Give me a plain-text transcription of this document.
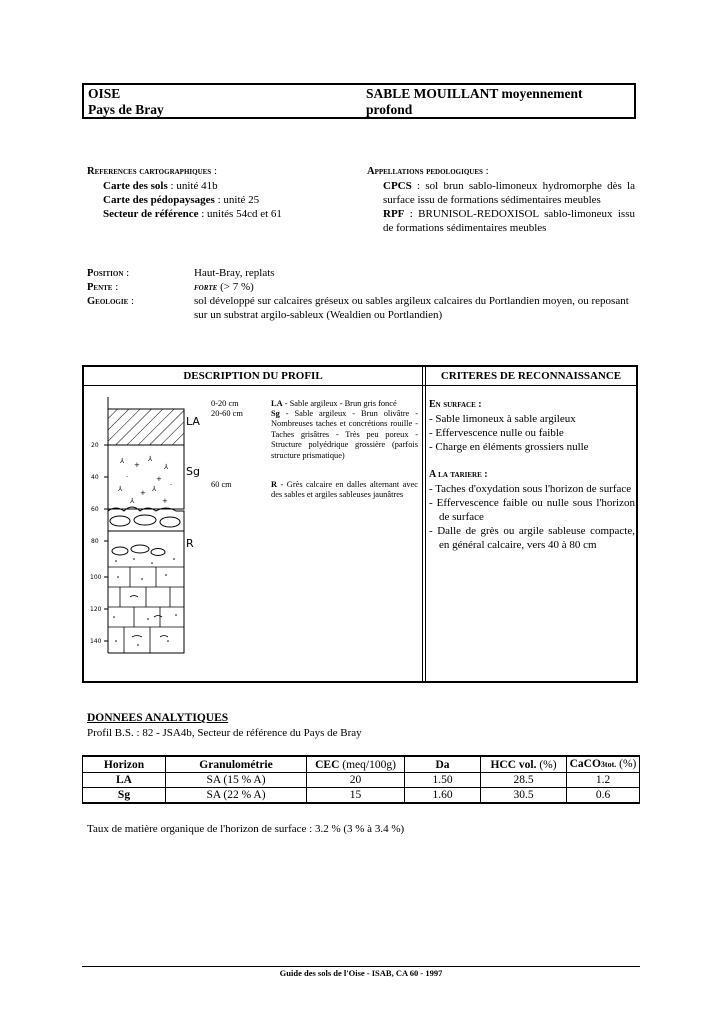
OISE
Pays de Bray
SABLE MOUILLANT moyennement
profond
References cartographiques :
Carte des sols : unité 41b
Carte des pédopaysages : unité 25
Secteur de référence : unités 54cd et 61
Appellations pedologiques :
CPCS : sol brun sablo-limoneux hydromorphe dès la surface issu de formations sédimentaires meubles
RPF : BRUNISOL-REDOXISOL sablo-limoneux issu de formations sédimentaires meubles
Position :	Haut-Bray, replats
Pente :	forte (> 7 %)
Geologie :	sol développé sur calcaires gréseux ou sables argileux calcaires du Portlandien moyen, ou reposant sur un substrat argilo-sableux (Wealdien ou Portlandien)
DESCRIPTION DU PROFIL	CRITERES DE RECONNAISSANCE
⅄ +
⅄
⅄
·	+
⅄	+ ⅄ ·
⅄	+
20
40
60
80
100
120
140
LA
Sg
R
0-20 cm	LA - Sable argileux - Brun gris foncé
20-60 cm	Sg - Sable argileux - Brun olivâtre - Nombreuses taches et concrétions rouille - Taches grisâtres - Très peu poreux - Structure polyédrique grossière (parfois structure prismatique)
60 cm	R - Grès calcaire en dalles alternant avec des sables et argiles sableuses jaunâtres
En surface :
- Sable limoneux à sable argileux
- Effervescence nulle ou faible
- Charge en éléments grossiers nulle
A la tariere :
- Taches d'oxydation sous l'horizon de surface
- Effervescence faible ou nulle sous l'horizon de surface
- Dalle de grès ou argile sableuse compacte, en général calcaire, vers 40 à 80 cm
DONNEES ANALYTIQUES
Profil B.S. : 82 - JSA4b, Secteur de référence du Pays de Bray
Horizon	Granulométrie	CEC (meq/100g)	Da	HCC vol. (%)	CaCO3tot. (%)
LA	SA (15 % A)	20	1.50	28.5	1.2
Sg	SA (22 % A)	15	1.60	30.5	0.6
Taux de matière organique de l'horizon de surface : 3.2 % (3 % à 3.4 %)
Guide des sols de l'Oise - ISAB, CA 60 - 1997
